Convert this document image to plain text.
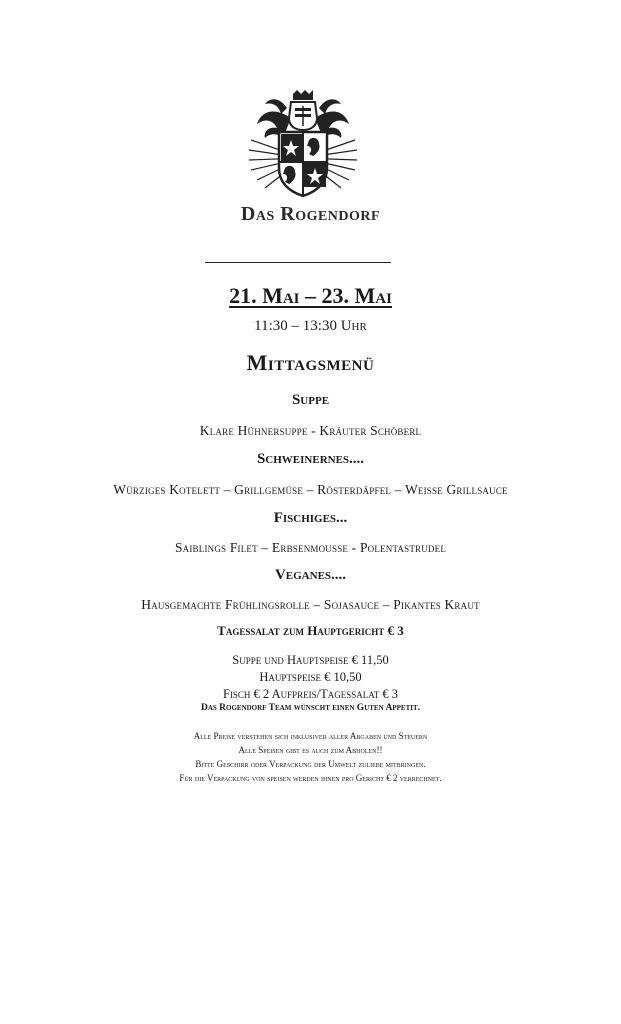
Das Rogendorf
21. Mai – 23. Mai
11:30 – 13:30 Uhr
Mittagsmenü
Suppe
Klare Hühnersuppe - Kräuter Schöberl
Schweinernes....
Würziges Kotelett – Grillgemüse – Rösterdäpfel – Weisse Grillsauce
Fischiges...
Saiblings Filet – Erbsenmousse - Polentastrudel
Veganes....
Hausgemachte Frühlingsrolle – Sojasauce – Pikantes Kraut
Tagessalat zum Hauptgericht € 3
Suppe und Hauptspeise € 11,50
Hauptspeise € 10,50
Fisch € 2 Aufpreis/Tagessalat € 3
Das Rogendorf Team wünscht einen Guten Appetit.
Alle Preise verstehen sich inklusiver aller Abgaben und Steuern
Alle Speisen gibt es auch zum Abholen!!
Bitte Geschirr oder Verpackung der Umwelt zuliebe mitbringen.
Für die Verpackung von speisen werden ihnen pro Gericht € 2 verrechnet.
